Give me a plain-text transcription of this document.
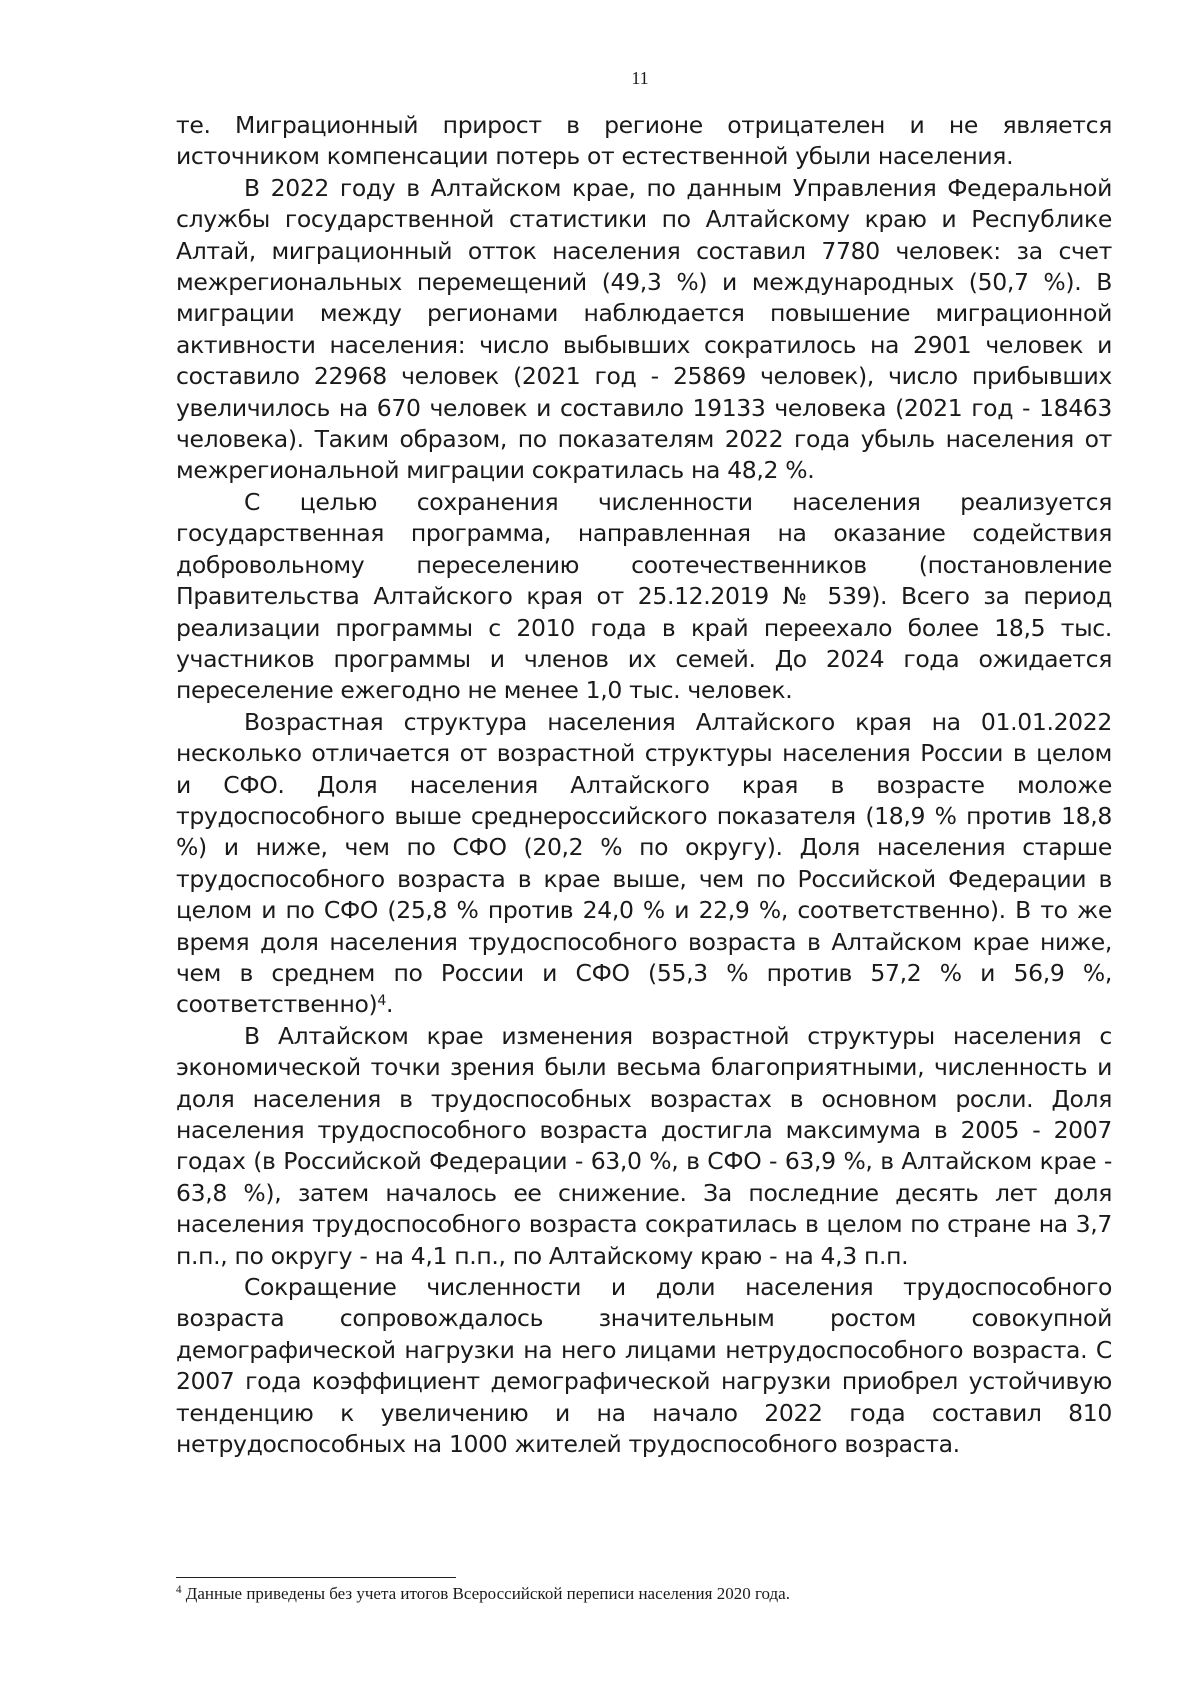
11

те. Миграционный прирост в регионе отрицателен и не является источником компенсации потерь от естественной убыли населения.

В 2022 году в Алтайском крае, по данным Управления Федеральной службы государственной статистики по Алтайскому краю и Республике Алтай, миграционный отток населения составил 7780 человек: за счет межрегиональных перемещений (49,3 %) и международных (50,7 %). В миграции между регионами наблюдается повышение миграционной активности населения: число выбывших сократилось на 2901 человек и составило 22968 человек (2021 год - 25869 человек), число прибывших увеличилось на 670 человек и составило 19133 человека (2021 год - 18463 человека). Таким образом, по показателям 2022 года убыль населения от межрегиональной миграции сократилась на 48,2 %.

С целью сохранения численности населения реализуется государственная программа, направленная на оказание содействия добровольному переселению соотечественников (постановление Правительства Алтайского края от 25.12.2019 № 539). Всего за период реализации программы с 2010 года в край переехало более 18,5 тыс. участников программы и членов их семей. До 2024 года ожидается переселение ежегодно не менее 1,0 тыс. человек.

Возрастная структура населения Алтайского края на 01.01.2022 несколько отличается от возрастной структуры населения России в целом и СФО. Доля населения Алтайского края в возрасте моложе трудоспособного выше среднероссийского показателя (18,9 % против 18,8 %) и ниже, чем по СФО (20,2 % по округу). Доля населения старше трудоспособного возраста в крае выше, чем по Российской Федерации в целом и по СФО (25,8 % против 24,0 % и 22,9 %, соответственно). В то же время доля населения трудоспособного возраста в Алтайском крае ниже, чем в среднем по России и СФО (55,3 % против 57,2 % и 56,9 %, соответственно)$^4$.

В Алтайском крае изменения возрастной структуры населения с экономической точки зрения были весьма благоприятными, численность и доля населения в трудоспособных возрастах в основном росли. Доля населения трудоспособного возраста достигла максимума в 2005 - 2007 годах (в Российской Федерации - 63,0 %, в СФО - 63,9 %, в Алтайском крае - 63,8 %), затем началось ее снижение. За последние десять лет доля населения трудоспособного возраста сократилась в целом по стране на 3,7 п.п., по округу - на 4,1 п.п., по Алтайскому краю - на 4,3 п.п.

Сокращение численности и доли населения трудоспособного возраста сопровождалось значительным ростом совокупной демографической нагрузки на него лицами нетрудоспособного возраста. С 2007 года коэффициент демографической нагрузки приобрел устойчивую тенденцию к увеличению и на начало 2022 года составил 810 нетрудоспособных на 1000 жителей трудоспособного возраста.

$^4$ Данные приведены без учета итогов Всероссийской переписи населения 2020 года.
